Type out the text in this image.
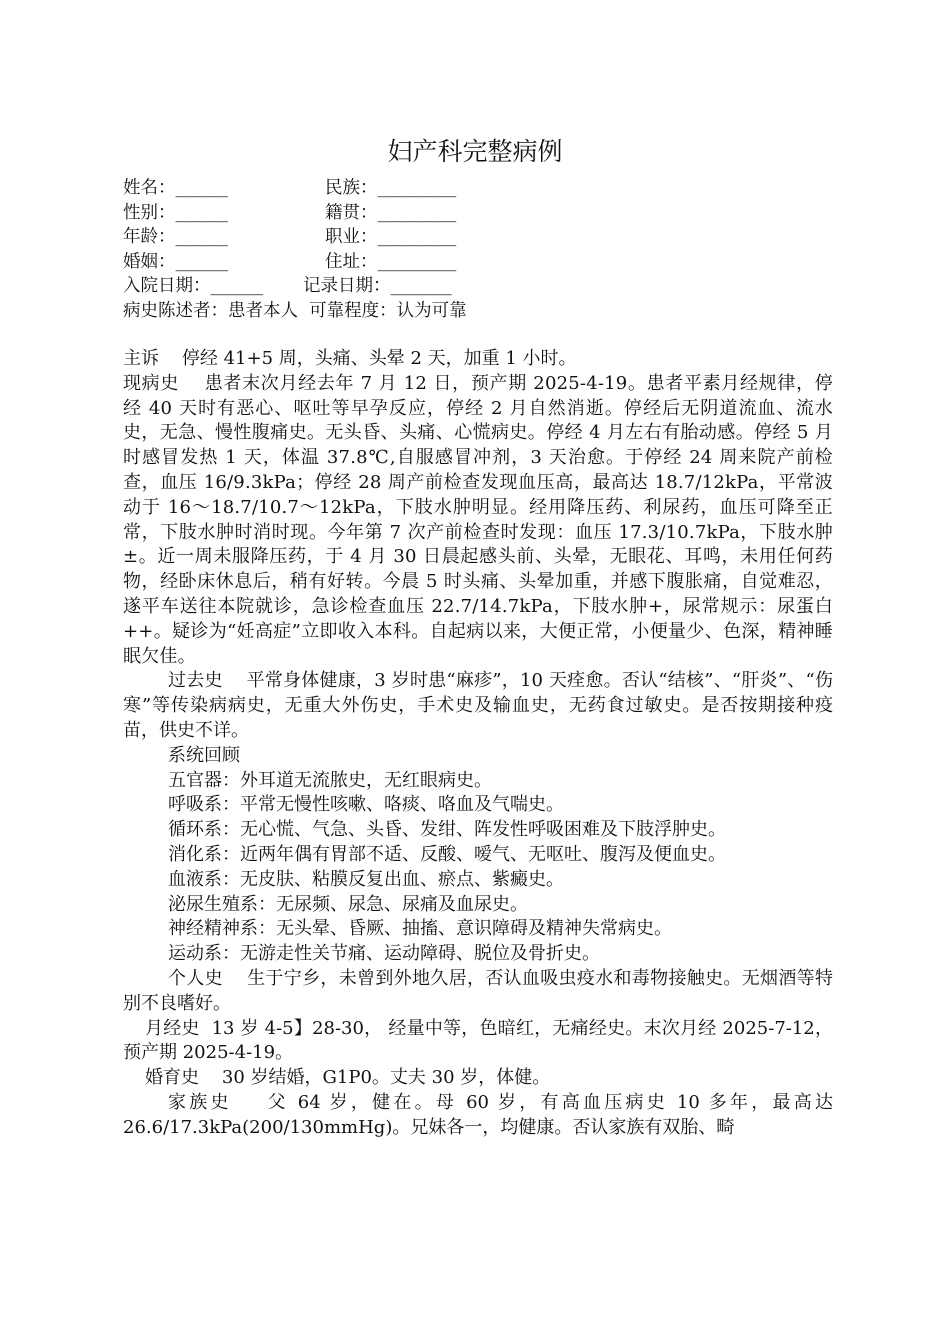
妇产科完整病例
姓名：______	民族：_________
性别：______	籍贯：_________
年龄：______	职业：_________
婚姻：______	住址：_________
入院日期：______ 记录日期：_______
病史陈述者：患者本人  可靠程度：认为可靠

主诉    停经 41+5 周，头痛、头晕 2 天，加重 1 小时。

现病史    患者末次月经去年 7 月 12 日，预产期 2025-4-19。患者平素月经规律，停经 40 天时有恶心、呕吐等早孕反应，停经 2 月自然消逝。停经后无阴道流血、流水史，无急、慢性腹痛史。无头昏、头痛、心慌病史。停经 4 月左右有胎动感。停经 5 月时感冒发热 1 天，体温 37.8℃,自服感冒冲剂，3 天治愈。于停经 24 周来院产前检查，血压 16/9.3kPa；停经 28 周产前检查发现血压高，最高达 18.7/12kPa，平常波动于 16～18.7/10.7～12kPa，下肢水肿明显。经用降压药、利尿药，血压可降至正常，下肢水肿时消时现。今年第 7 次产前检查时发现：血压 17.3/10.7kPa，下肢水肿±。近一周未服降压药，于 4 月 30 日晨起感头前、头晕，无眼花、耳鸣，未用任何药物，经卧床休息后，稍有好转。今晨 5 时头痛、头晕加重，并感下腹胀痛，自觉难忍，遂平车送往本院就诊，急诊检查血压 22.7/14.7kPa，下肢水肿+，尿常规示：尿蛋白++。疑诊为“妊高症”立即收入本科。自起病以来，大便正常，小便量少、色深，精神睡眠欠佳。

过去史    平常身体健康，3 岁时患“麻疹”，10 天痊愈。否认“结核”、“肝炎”、“伤寒”等传染病病史，无重大外伤史，手术史及输血史，无药食过敏史。是否按期接种疫苗，供史不详。

系统回顾

五官器：外耳道无流脓史，无红眼病史。

呼吸系：平常无慢性咳嗽、咯痰、咯血及气喘史。

循环系：无心慌、气急、头昏、发绀、阵发性呼吸困难及下肢浮肿史。

消化系：近两年偶有胃部不适、反酸、嗳气、无呕吐、腹泻及便血史。

血液系：无皮肤、粘膜反复出血、瘀点、紫癜史。

泌尿生殖系：无尿频、尿急、尿痛及血尿史。

神经精神系：无头晕、昏厥、抽搐、意识障碍及精神失常病史。

运动系：无游走性关节痛、运动障碍、脱位及骨折史。

个人史    生于宁乡，未曾到外地久居，否认血吸虫疫水和毒物接触史。无烟酒等特别不良嗜好。

月经史  13 岁 4-5】28-30， 经量中等，色暗红，无痛经史。末次月经 2025-7-12，预产期 2025-4-19。

婚育史    30 岁结婚，G1P0。丈夫 30 岁，体健。

家族史    父 64 岁，健在。母 60 岁，有高血压病史 10 多年，最高达 26.6/17.3kPa(200/130mmHg)。兄妹各一，均健康。否认家族有双胎、畸
